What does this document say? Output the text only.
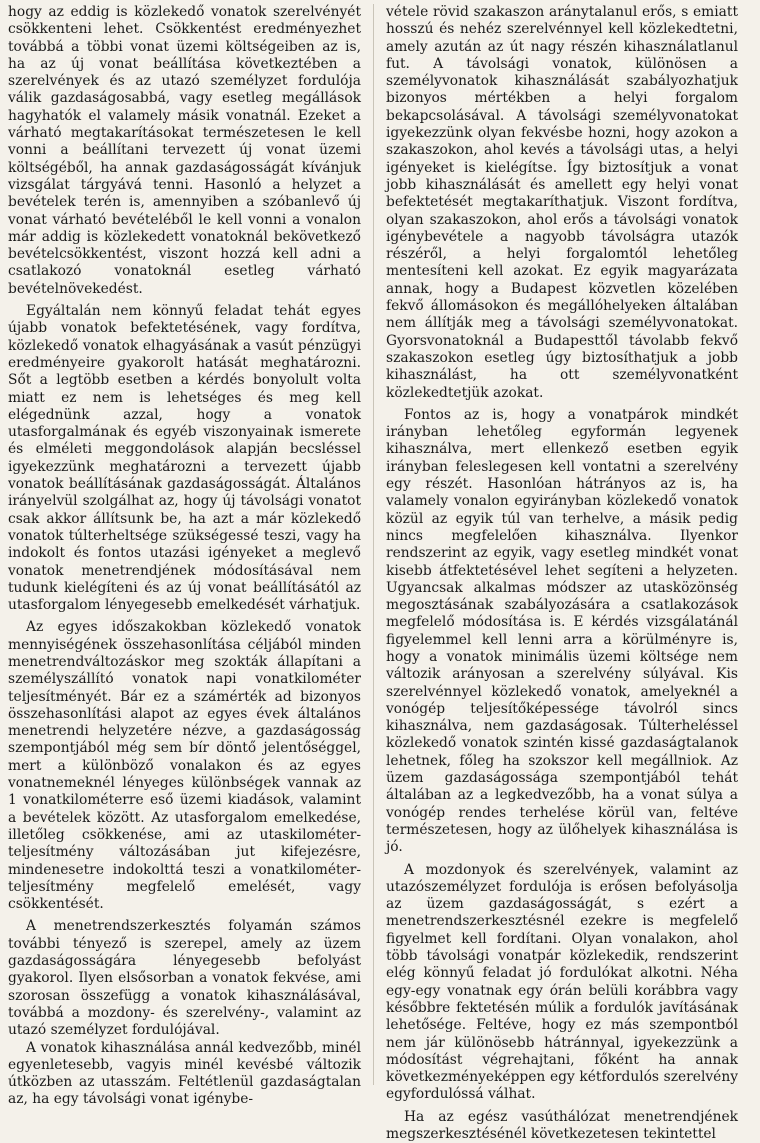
hogy az eddig is közlekedő vonatok szerelvényét csökkenteni lehet. Csökkentést eredményezhet továbbá a többi vonat üzemi költségeiben az is, ha az új vonat beállítása következtében a szerelvények és az utazó személyzet fordulója válik gazdaságosabbá, vagy esetleg megállások hagyhatók el valamely másik vonatnál. Ezeket a várható megtakarításokat természetesen le kell vonni a beállítani tervezett új vonat üzemi költségéből, ha annak gazdaságosságát kívánjuk vizsgálat tárgyává tenni. Hasonló a helyzet a bevételek terén is, amennyiben a szóbanlevő új vonat várható bevételéből le kell vonni a vonalon már addig is közlekedett vonatoknál bekövetkező bevételcsökkentést, viszont hozzá kell adni a csatlakozó vonatoknál esetleg várható bevételnövekedést.

Egyáltalán nem könnyű feladat tehát egyes újabb vonatok befektetésének, vagy fordítva, közlekedő vonatok elhagyásának a vasút pénzügyi eredményeire gyakorolt hatását meghatározni. Sőt a legtöbb esetben a kérdés bonyolult volta miatt ez nem is lehetséges és meg kell elégednünk azzal, hogy a vonatok utasforgalmának és egyéb viszonyainak ismerete és elméleti meggondolások alapján becsléssel igyekezzünk meghatározni a tervezett újabb vonatok beállításának gazdaságosságát. Általános irányelvül szolgálhat az, hogy új távolsági vonatot csak akkor állítsunk be, ha azt a már közlekedő vonatok túlterheltsége szükségessé teszi, vagy ha indokolt és fontos utazási igényeket a meglevő vonatok menetrendjének módosításával nem tudunk kielégíteni és az új vonat beállításától az utasforgalom lényegesebb emelkedését várhatjuk.

Az egyes időszakokban közlekedő vonatok mennyiségének összehasonlítása céljából minden menetrendváltozáskor meg szokták állapítani a személyszállító vonatok napi vonatkilométer teljesítményét. Bár ez a számérték ad bizonyos összehasonlítási alapot az egyes évek általános menetrendi helyzetére nézve, a gazdaságosság szempontjából még sem bír döntő jelentőséggel, mert a különböző vonalakon és az egyes vonatnemeknél lényeges különbségek vannak az 1 vonatkilométerre eső üzemi kiadások, valamint a bevételek között. Az utasforgalom emelkedése, illetőleg csökkenése, ami az utaskilométer-teljesítmény változásában jut kifejezésre, mindenesetre indokolttá teszi a vonatkilométer-teljesítmény megfelelő emelését, vagy csökkentését.

A menetrendszerkesztés folyamán számos további tényező is szerepel, amely az üzem gazdaságosságára lényegesebb befolyást gyakorol. Ilyen elsősorban a vonatok fekvése, ami szorosan összefügg a vonatok kihasználásával, továbbá a mozdony- és szerelvény-, valamint az utazó személyzet fordulójával.

A vonatok kihasználása annál kedvezőbb, minél egyenletesebb, vagyis minél kevésbé változik útközben az utasszám. Feltétlenül gazdaságtalan az, ha egy távolsági vonat igénybe-

vétele rövid szakaszon aránytalanul erős, s emiatt hosszú és nehéz szerelvénnyel kell közlekedtetni, amely azután az út nagy részén kihasználatlanul fut. A távolsági vonatok, különösen a személyvonatok kihasználását szabályozhatjuk bizonyos mértékben a helyi forgalom bekapcsolásával. A távolsági személyvonatokat igyekezzünk olyan fekvésbe hozni, hogy azokon a szakaszokon, ahol kevés a távolsági utas, a helyi igényeket is kielégítse. Így biztosítjuk a vonat jobb kihasználását és amellett egy helyi vonat befektetését megtakaríthatjuk. Viszont fordítva, olyan szakaszokon, ahol erős a távolsági vonatok igénybevétele a nagyobb távolságra utazók részéről, a helyi forgalomtól lehetőleg mentesíteni kell azokat. Ez egyik magyarázata annak, hogy a Budapest közvetlen közelében fekvő állomásokon és megállóhelyeken általában nem állítják meg a távolsági személyvonatokat. Gyorsvonatoknál a Budapesttől távolabb fekvő szakaszokon esetleg úgy biztosíthatjuk a jobb kihasználást, ha ott személyvonatként közlekedtetjük azokat.

Fontos az is, hogy a vonatpárok mindkét irányban lehetőleg egyformán legyenek kihasználva, mert ellenkező esetben egyik irányban feleslegesen kell vontatni a szerelvény egy részét. Hasonlóan hátrányos az is, ha valamely vonalon egyirányban közlekedő vonatok közül az egyik túl van terhelve, a másik pedig nincs megfelelően kihasználva. Ilyenkor rendszerint az egyik, vagy esetleg mindkét vonat kisebb átfektetésével lehet segíteni a helyzeten. Ugyancsak alkalmas módszer az utasközönség megosztásának szabályozására a csatlakozások megfelelő módosítása is. E kérdés vizsgálatánál figyelemmel kell lenni arra a körülményre is, hogy a vonatok minimális üzemi költsége nem változik arányosan a szerelvény súlyával. Kis szerelvénnyel közlekedő vonatok, amelyeknél a vonógép teljesítőképessége távolról sincs kihasználva, nem gazdaságosak. Túlterheléssel közlekedő vonatok szintén kissé gazdaságtalanok lehetnek, főleg ha szokszor kell megállniok. Az üzem gazdaságossága szempontjából tehát általában az a legkedvezőbb, ha a vonat súlya a vonógép rendes terhelése körül van, feltéve természetesen, hogy az ülőhelyek kihasználása is jó.

A mozdonyok és szerelvények, valamint az utazószemélyzet fordulója is erősen befolyásolja az üzem gazdaságosságát, s ezért a menetrendszerkesztésnél ezekre is megfelelő figyelmet kell fordítani. Olyan vonalakon, ahol több távolsági vonatpár közlekedik, rendszerint elég könnyű feladat jó fordulókat alkotni. Néha egy-egy vonatnak egy órán belüli korábbra vagy későbbre fektetésén múlik a fordulók javításának lehetősége. Feltéve, hogy ez más szempontból nem jár különösebb hátránnyal, igyekezzünk a módosítást végrehajtani, főként ha annak következményeképpen egy kétfordulós szerelvény egyfordulóssá válhat.

Ha az egész vasúthálózat menetrendjének megszerkesztésénél következetesen tekintettel
